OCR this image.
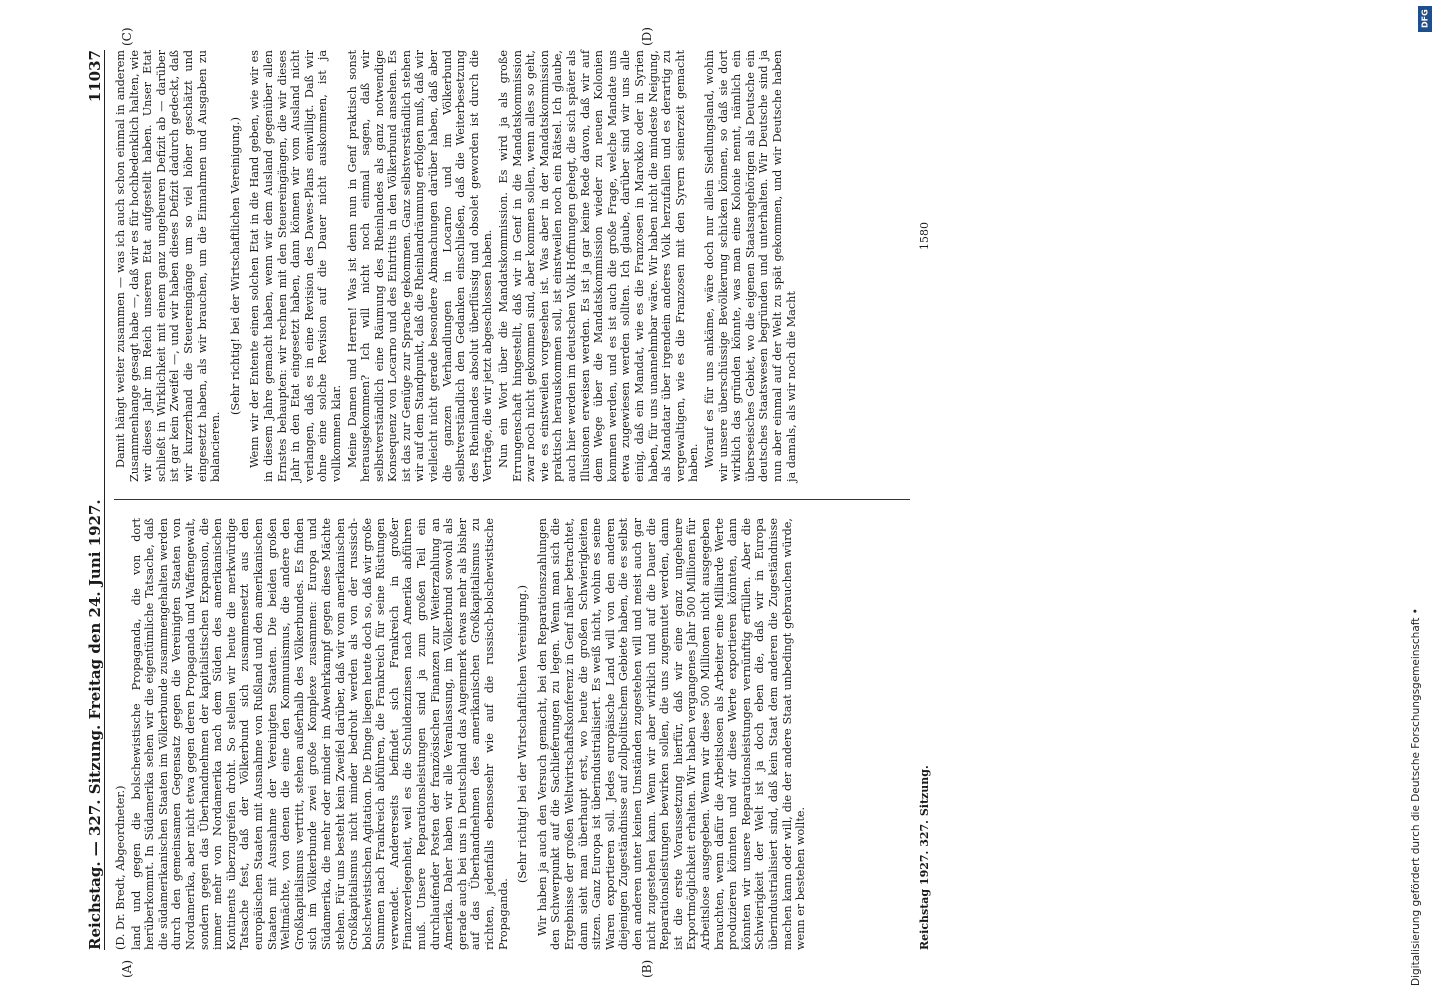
Reichstag. — 327. Sitzung. Freitag den 24. Juni 1927.
11037
(A)	(B)
(C)	(D)

(D. Dr. Bredt, Abgeordneter.) land und gegen die bolschewistische Propaganda, die von dort herüberkommt. In Südamerika sehen wir die eigentümliche Tatsache, daß die südamerikanischen Staaten im Völkerbunde zusammengehalten werden durch den gemeinsamen Gegensatz gegen die Vereinigten Staaten von Nordamerika, aber nicht etwa gegen deren Propaganda und Waffengewalt, sondern gegen das Überhandnehmen der kapitalistischen Expansion, die immer mehr von Nordamerika nach dem Süden des amerikanischen Kontinents überzugreifen droht. So stellen wir heute die merkwürdige Tatsache fest, daß der Völkerbund sich zusammensetzt aus den europäischen Staaten mit Ausnahme von Rußland und den amerikanischen Staaten mit Ausnahme der Vereinigten Staaten. Die beiden großen Weltmächte, von denen die eine den Kommunismus, die andere den Großkapitalismus vertritt, stehen außerhalb des Völkerbundes. Es finden sich im Völkerbunde zwei große Komplexe zusammen: Europa und Südamerika, die mehr oder minder im Abwehrkampf gegen diese Mächte stehen. Für uns besteht kein Zweifel darüber, daß wir vom amerikanischen Großkapitalismus nicht minder bedroht werden als von der russisch-bolschewistischen Agitation. Die Dinge liegen heute doch so, daß wir große Summen nach Frankreich abführen, die Frankreich für seine Rüstungen verwendet. Andererseits befindet sich Frankreich in großer Finanzverlegenheit, weil es die Schuldenzinsen nach Amerika abführen muß. Unsere Reparationsleistungen sind ja zum großen Teil ein durchlaufender Posten der französischen Finanzen zur Weiterzahlung an Amerika. Daher haben wir alle Veranlassung, im Völkerbund sowohl als gerade auch bei uns in Deutschland das Augenmerk etwas mehr als bisher auf das Überhandnehmen des amerikanischen Großkapitalismus zu richten, jedenfalls ebensosehr wie auf die russisch-bolschewistische Propaganda.

(Sehr richtig! bei der Wirtschaftlichen Vereinigung.) Wir haben ja auch den Versuch gemacht, bei den Reparationszahlungen den Schwerpunkt auf die Sachlieferungen zu legen. Wenn man sich die Ergebnisse der großen Weltwirtschaftskonferenz in Genf näher betrachtet, dann sieht man überhaupt erst, wo heute die großen Schwierigkeiten sitzen. Ganz Europa ist überindustrialisiert. Es weiß nicht, wohin es seine Waren exportieren soll. Jedes europäische Land will von den anderen diejenigen Zugeständnisse auf zollpolitischem Gebiete haben, die es selbst den anderen unter keinen Umständen zugestehen will und meist auch gar nicht zugestehen kann. Wenn wir aber wirklich und auf die Dauer die Reparationsleistungen bewirken sollen, die uns zugemutet werden, dann ist die erste Voraussetzung hierfür, daß wir eine ganz ungeheure Exportmöglichkeit erhalten. Wir haben vergangenes Jahr 500 Millionen für Arbeitslose ausgegeben. Wenn wir diese 500 Millionen nicht ausgegeben brauchten, wenn dafür die Arbeitslosen als Arbeiter eine Milliarde Werte produzieren könnten und wir diese Werte exportieren könnten, dann könnten wir unsere Reparationsleistungen vernünftig erfüllen. Aber die Schwierigkeit der Welt ist ja doch eben die, daß wir in Europa überindustrialisiert sind, daß kein Staat dem anderen die Zugeständnisse machen kann oder will, die der andere Staat unbedingt gebrauchen würde, wenn er bestehen wollte.

Damit hängt weiter zusammen — was ich auch schon einmal in anderem Zusammenhange gesagt habe —, daß wir es für hochbedenklich halten, wie wir dieses Jahr im Reich unseren Etat aufgestellt haben. Unser Etat schließt in Wirklichkeit mit einem ganz ungeheuren Defizit ab — darüber ist gar kein Zweifel —, und wir haben dieses Defizit dadurch gedeckt, daß wir kurzerhand die Steuereingänge um so viel höher geschätzt und eingesetzt haben, als wir brauchen, um die Einnahmen und Ausgaben zu balancieren.

(Sehr richtig! bei der Wirtschaftlichen Vereinigung.) Wenn wir der Entente einen solchen Etat in die Hand geben, wie wir es in diesem Jahre gemacht haben, wenn wir dem Ausland gegenüber allen Ernstes behaupten: wir rechnen mit den Steuereingängen, die wir dieses Jahr in den Etat eingesetzt haben, dann können wir vom Ausland nicht verlangen, daß es in eine Revision des Dawes-Plans einwilligt. Daß wir ohne eine solche Revision auf die Dauer nicht auskommen, ist ja vollkommen klar. Meine Damen und Herren! Was ist denn nun in Genf praktisch sonst herausgekommen? Ich will nicht noch einmal sagen, daß wir selbstverständlich eine Räumung des Rheinlandes als ganz notwendige Konsequenz von Locarno und des Eintritts in den Völkerbund ansehen. Es ist das zur Genüge zur Sprache gekommen. Ganz selbstverständlich stehen wir auf dem Standpunkt, daß die Rheinlandräumung erfolgen muß, daß wir vielleicht nicht gerade besondere Abmachungen darüber haben, daß aber die ganzen Verhandlungen in Locarno und im Völkerbund selbstverständlich den Gedanken einschließen, daß die Weiterbesetzung des Rheinlandes absolut überflüssig und obsolet geworden ist durch die Verträge, die wir jetzt abgeschlossen haben. Nun ein Wort über die Mandatskommission. Es wird ja als große Errungenschaft hingestellt, daß wir in Genf in die Mandatskommission zwar noch nicht gekommen sind, aber kommen sollen, wenn alles so geht, wie es einstweilen vorgesehen ist. Was aber in der Mandatskommission praktisch herauskommen soll, ist einstweilen noch ein Rätsel. Ich glaube, auch hier werden im deutschen Volk Hoffnungen gehegt, die sich später als Illusionen erweisen werden. Es ist ja gar keine Rede davon, daß wir auf dem Wege über die Mandatskommission wieder zu neuen Kolonien kommen werden, und es ist auch die große Frage, welche Mandate uns etwa zugewiesen werden sollten. Ich glaube, darüber sind wir uns alle einig, daß ein Mandat, wie es die Franzosen in Marokko oder in Syrien haben, für uns unannehmbar wäre. Wir haben nicht die mindeste Neigung, als Mandatar über irgendein anderes Volk herzufallen und es derartig zu vergewaltigen, wie es die Franzosen mit den Syrern seinerzeit gemacht haben. Worauf es für uns ankäme, wäre doch nur allein Siedlungsland, wohin wir unsere überschüssige Bevölkerung schicken können, so daß sie dort wirklich das gründen könnte, was man eine Kolonie nennt, nämlich ein überseeisches Gebiet, wo die eigenen Staatsangehörigen als Deutsche ein deutsches Staatswesen begründen und unterhalten. Wir Deutsche sind ja nun aber einmal auf der Welt zu spät gekommen, und wir Deutsche haben ja damals, als wir noch die Macht

Reichstag 1927. 327. Sitzung.
1580
Digitalisierung gefördert durch die Deutsche Forschungsgemeinschaft •
DFG
